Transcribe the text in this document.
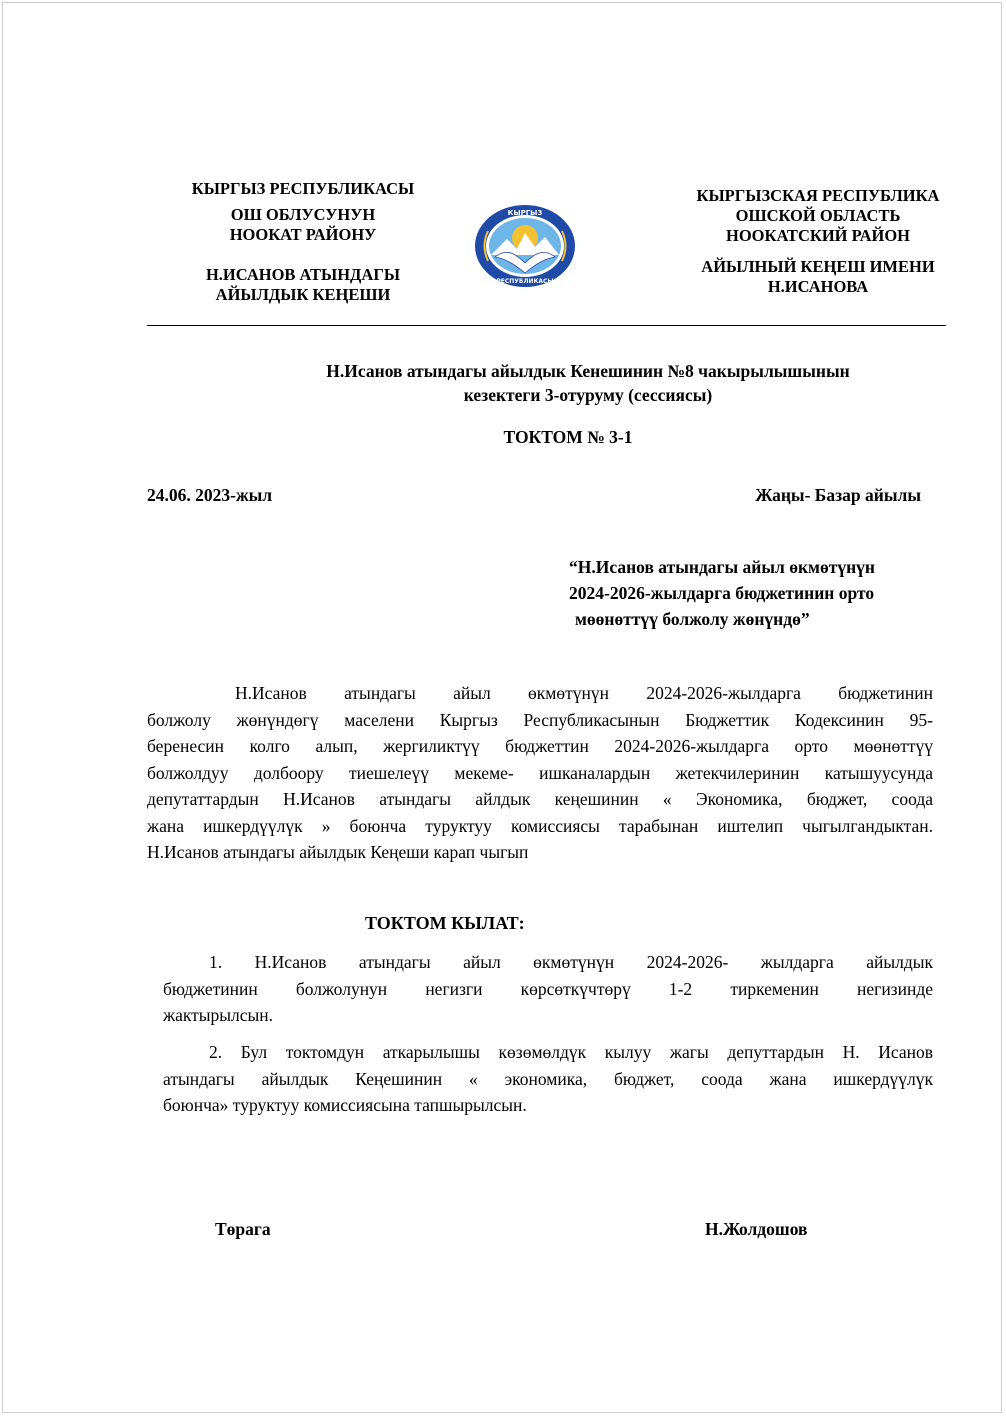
КЫРГЫЗ РЕСПУБЛИКАСЫ
ОШ ОБЛУСУНУН
НООКАТ РАЙОНУ
Н.ИСАНОВ АТЫНДАГЫ
АЙЫЛДЫК КЕҢЕШИ
КЫРГЫЗ
РЕСПУБЛИКАСЫ
КЫРГЫЗСКАЯ РЕСПУБЛИКА
ОШСКОЙ ОБЛАСТЬ
НООКАТСКИЙ РАЙОН
АЙЫЛНЫЙ КЕҢЕШ ИМЕНИ
Н.ИСАНОВА
Н.Исанов атындагы айылдык Кенешинин №8 чакырылышынын
кезектеги 3-отуруму (сессиясы)
ТОКТОМ № 3-1
24.06. 2023-жыл	Жаңы- Базар айылы
“Н.Исанов атындагы айыл өкмөтүнүн
2024-2026-жылдарга бюджетинин орто
мөөнөттүү болжолу жөнүндө”
Н.Исанов атындагы айыл өкмөтүнүн 2024-2026-жылдарга бюджетинин
болжолу жөнүндөгү маселени Кыргыз Республикасынын Бюджеттик Кодексинин 95-
беренесин колго алып, жергиликтүү бюджеттин 2024-2026-жылдарга орто мөөнөттүү
болжолдуу долбоору тиешелеүү мекеме- ишканалардын жетекчилеринин катышуусунда
депутаттардын Н.Исанов атындагы айлдык кеңешинин « Экономика, бюджет, соода
жана ишкердүүлүк » боюнча туруктуу комиссиясы тарабынан иштелип чыгылгандыктан.
Н.Исанов атындагы айылдык Кеңеши карап чыгып
ТОКТОМ КЫЛАТ:
1. Н.Исанов атындагы айыл өкмөтүнүн 2024-2026- жылдарга айылдык
бюджетинин болжолунун негизги көрсөткүчтөрү 1-2 тиркеменин негизинде
жактырылсын.
2. Бул токтомдун аткарылышы көзөмөлдүк кылуу жагы депуттардын Н. Исанов
атындагы айылдык Кеңешинин « экономика, бюджет, соода жана ишкердүүлүк
боюнча» туруктуу комиссиясына тапшырылсын.
Төрага	Н.Жолдошов
